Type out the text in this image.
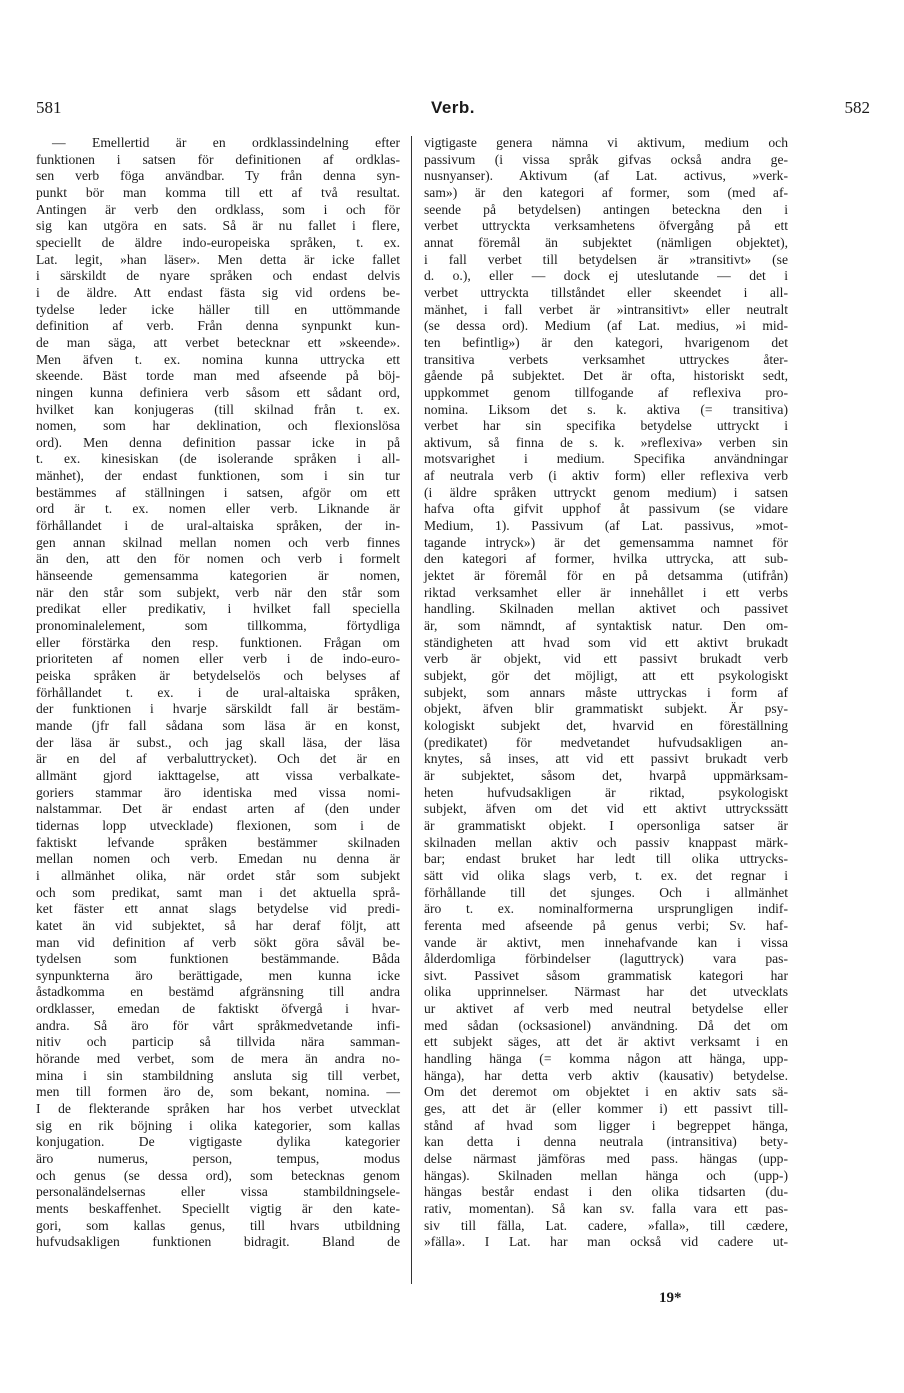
581	Verb.	582
— Emellertid är en ordklassindelning efter
funktionen i satsen för definitionen af ordklas-
sen verb föga användbar. Ty från denna syn-
punkt bör man komma till ett af två resultat.
Antingen är verb den ordklass, som i och för
sig kan utgöra en sats. Så är nu fallet i flere,
speciellt de äldre indo-europeiska språken, t. ex.
Lat. legit, »han läser». Men detta är icke fallet
i särskildt de nyare språken och endast delvis
i de äldre. Att endast fästa sig vid ordens be-
tydelse leder icke häller till en uttömmande
definition af verb. Från denna synpunkt kun-
de man säga, att verbet betecknar ett »skeende».
Men äfven t. ex. nomina kunna uttrycka ett
skeende. Bäst torde man med afseende på böj-
ningen kunna definiera verb såsom ett sådant ord,
hvilket kan konjugeras (till skilnad från t. ex.
nomen, som har deklination, och flexionslösa
ord). Men denna definition passar icke in på
t. ex. kinesiskan (de isolerande språken i all-
mänhet), der endast funktionen, som i sin tur
bestämmes af ställningen i satsen, afgör om ett
ord är t. ex. nomen eller verb. Liknande är
förhållandet i de ural-altaiska språken, der in-
gen annan skilnad mellan nomen och verb finnes
än den, att den för nomen och verb i formelt
hänseende gemensamma kategorien är nomen,
när den står som subjekt, verb när den står som
predikat eller predikativ, i hvilket fall speciella
pronominalelement, som tillkomma, förtydliga
eller förstärka den resp. funktionen. Frågan om
prioriteten af nomen eller verb i de indo-euro-
peiska språken är betydelselös och belyses af
förhållandet t. ex. i de ural-altaiska språken,
der funktionen i hvarje särskildt fall är bestäm-
mande (jfr fall sådana som läsa är en konst,
der läsa är subst., och jag skall läsa, der läsa
är en del af verbaluttrycket). Och det är en
allmänt gjord iakttagelse, att vissa verbalkate-
goriers stammar äro identiska med vissa nomi-
nalstammar. Det är endast arten af (den under
tidernas lopp utvecklade) flexionen, som i de
faktiskt lefvande språken bestämmer skilnaden
mellan nomen och verb. Emedan nu denna är
i allmänhet olika, när ordet står som subjekt
och som predikat, samt man i det aktuella språ-
ket fäster ett annat slags betydelse vid predi-
katet än vid subjektet, så har deraf följt, att
man vid definition af verb sökt göra såväl be-
tydelsen som funktionen bestämmande. Båda
synpunkterna äro berättigade, men kunna icke
åstadkomma en bestämd afgränsning till andra
ordklasser, emedan de faktiskt öfvergå i hvar-
andra. Så äro för vårt språkmedvetande infi-
nitiv och particip så tillvida nära samman-
hörande med verbet, som de mera än andra no-
mina i sin stambildning ansluta sig till verbet,
men till formen äro de, som bekant, nomina. —
I de flekterande språken har hos verbet utvecklat
sig en rik böjning i olika kategorier, som kallas
konjugation. De vigtigaste dylika kategorier
äro numerus, person, tempus, modus
och genus (se dessa ord), som betecknas genom
personaländelsernas eller vissa stambildningsele-
ments beskaffenhet. Speciellt vigtig är den kate-
gori, som kallas genus, till hvars utbildning
hufvudsakligen funktionen bidragit. Bland de
vigtigaste genera nämna vi aktivum, medium och
passivum (i vissa språk gifvas också andra ge-
nusnyanser). Aktivum (af Lat. activus, »verk-
sam») är den kategori af former, som (med af-
seende på betydelsen) antingen beteckna den i
verbet uttryckta verksamhetens öfvergång på ett
annat föremål än subjektet (nämligen objektet),
i fall verbet till betydelsen är »transitivt» (se
d. o.), eller — dock ej uteslutande — det i
verbet uttryckta tillståndet eller skeendet i all-
mänhet, i fall verbet är »intransitivt» eller neutralt
(se dessa ord). Medium (af Lat. medius, »i mid-
ten befintlig») är den kategori, hvarigenom det
transitiva verbets verksamhet uttryckes åter-
gående på subjektet. Det är ofta, historiskt sedt,
uppkommet genom tillfogande af reflexiva pro-
nomina. Liksom det s. k. aktiva (= transitiva)
verbet har sin specifika betydelse uttryckt i
aktivum, så finna de s. k. »reflexiva» verben sin
motsvarighet i medium. Specifika användningar
af neutrala verb (i aktiv form) eller reflexiva verb
(i äldre språken uttryckt genom medium) i satsen
hafva ofta gifvit upphof åt passivum (se vidare
Medium, 1). Passivum (af Lat. passivus, »mot-
tagande intryck») är det gemensamma namnet för
den kategori af former, hvilka uttrycka, att sub-
jektet är föremål för en på detsamma (utifrån)
riktad verksamhet eller är innehållet i ett verbs
handling. Skilnaden mellan aktivet och passivet
är, som nämndt, af syntaktisk natur. Den om-
ständigheten att hvad som vid ett aktivt brukadt
verb är objekt, vid ett passivt brukadt verb
subjekt, gör det möjligt, att ett psykologiskt
subjekt, som annars måste uttryckas i form af
objekt, äfven blir grammatiskt subjekt. Är psy-
kologiskt subjekt det, hvarvid en föreställning
(predikatet) för medvetandet hufvudsakligen an-
knytes, så inses, att vid ett passivt brukadt verb
är subjektet, såsom det, hvarpå uppmärksam-
heten hufvudsakligen är riktad, psykologiskt
subjekt, äfven om det vid ett aktivt uttryckssätt
är grammatiskt objekt. I opersonliga satser är
skilnaden mellan aktiv och passiv knappast märk-
bar; endast bruket har ledt till olika uttrycks-
sätt vid olika slags verb, t. ex. det regnar i
förhållande till det sjunges. Och i allmänhet
äro t. ex. nominalformerna ursprungligen indif-
ferenta med afseende på genus verbi; Sv. haf-
vande är aktivt, men innehafvande kan i vissa
ålderdomliga förbindelser (laguttryck) vara pas-
sivt. Passivet såsom grammatisk kategori har
olika upprinnelser. Närmast har det utvecklats
ur aktivet af verb med neutral betydelse eller
med sådan (ocksasionel) användning. Då det om
ett subjekt säges, att det är aktivt verksamt i en
handling hänga (= komma någon att hänga, upp-
hänga), har detta verb aktiv (kausativ) betydelse.
Om det deremot om objektet i en aktiv sats sä-
ges, att det är (eller kommer i) ett passivt till-
stånd af hvad som ligger i begreppet hänga,
kan detta i denna neutrala (intransitiva) bety-
delse närmast jämföras med pass. hängas (upp-
hängas). Skilnaden mellan hänga och (upp-)
hängas består endast i den olika tidsarten (du-
rativ, momentan). Så kan sv. falla vara ett pas-
siv till fälla, Lat. cadere, »falla», till cædere,
»fälla». I Lat. har man också vid cadere ut-
19*
